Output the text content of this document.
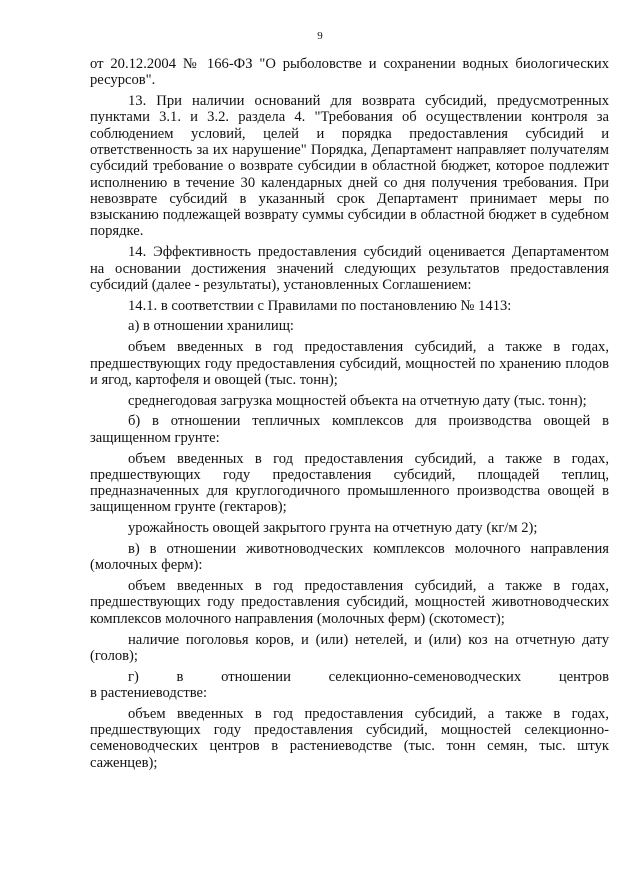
9

от 20.12.2004 № 166-ФЗ "О рыболовстве и сохранении водных биологических ресурсов".

13. При наличии оснований для возврата субсидий, предусмотренных пунктами 3.1. и 3.2. раздела 4. "Требования об осуществлении контроля за соблюдением условий, целей и порядка предоставления субсидий и ответственность за их нарушение" Порядка, Департамент направляет получателям субсидий требование о возврате субсидии в областной бюджет, которое подлежит исполнению в течение 30 календарных дней со дня получения требования. При невозврате субсидий в указанный срок Департамент принимает меры по взысканию подлежащей возврату суммы субсидии в областной бюджет в судебном порядке.

14. Эффективность предоставления субсидий оценивается Департаментом на основании достижения значений следующих результатов предоставления субсидий (далее - результаты), установленных Соглашением:

14.1. в соответствии с Правилами по постановлению № 1413:

а) в отношении хранилищ:

объем введенных в год предоставления субсидий, а также в годах, предшествующих году предоставления субсидий, мощностей по хранению плодов и ягод, картофеля и овощей (тыс. тонн);

среднегодовая загрузка мощностей объекта на отчетную дату (тыс. тонн);

б) в отношении тепличных комплексов для производства овощей в защищенном грунте:

объем введенных в год предоставления субсидий, а также в годах, предшествующих году предоставления субсидий, площадей теплиц, предназначенных для круглогодичного промышленного производства овощей в защищенном грунте (гектаров);

урожайность овощей закрытого грунта на отчетную дату (кг/м 2);

в) в отношении животноводческих комплексов молочного направления (молочных ферм):

объем введенных в год предоставления субсидий, а также в годах, предшествующих году предоставления субсидий, мощностей животноводческих комплексов молочного направления (молочных ферм) (скотомест);

наличие поголовья коров, и (или) нетелей, и (или) коз на отчетную дату (голов);

г) в отношении селекционно-семеноводческих центров

в растениеводстве:

объем введенных в год предоставления субсидий, а также в годах, предшествующих году предоставления субсидий, мощностей селекционно-семеноводческих центров в растениеводстве (тыс. тонн семян, тыс. штук саженцев);
